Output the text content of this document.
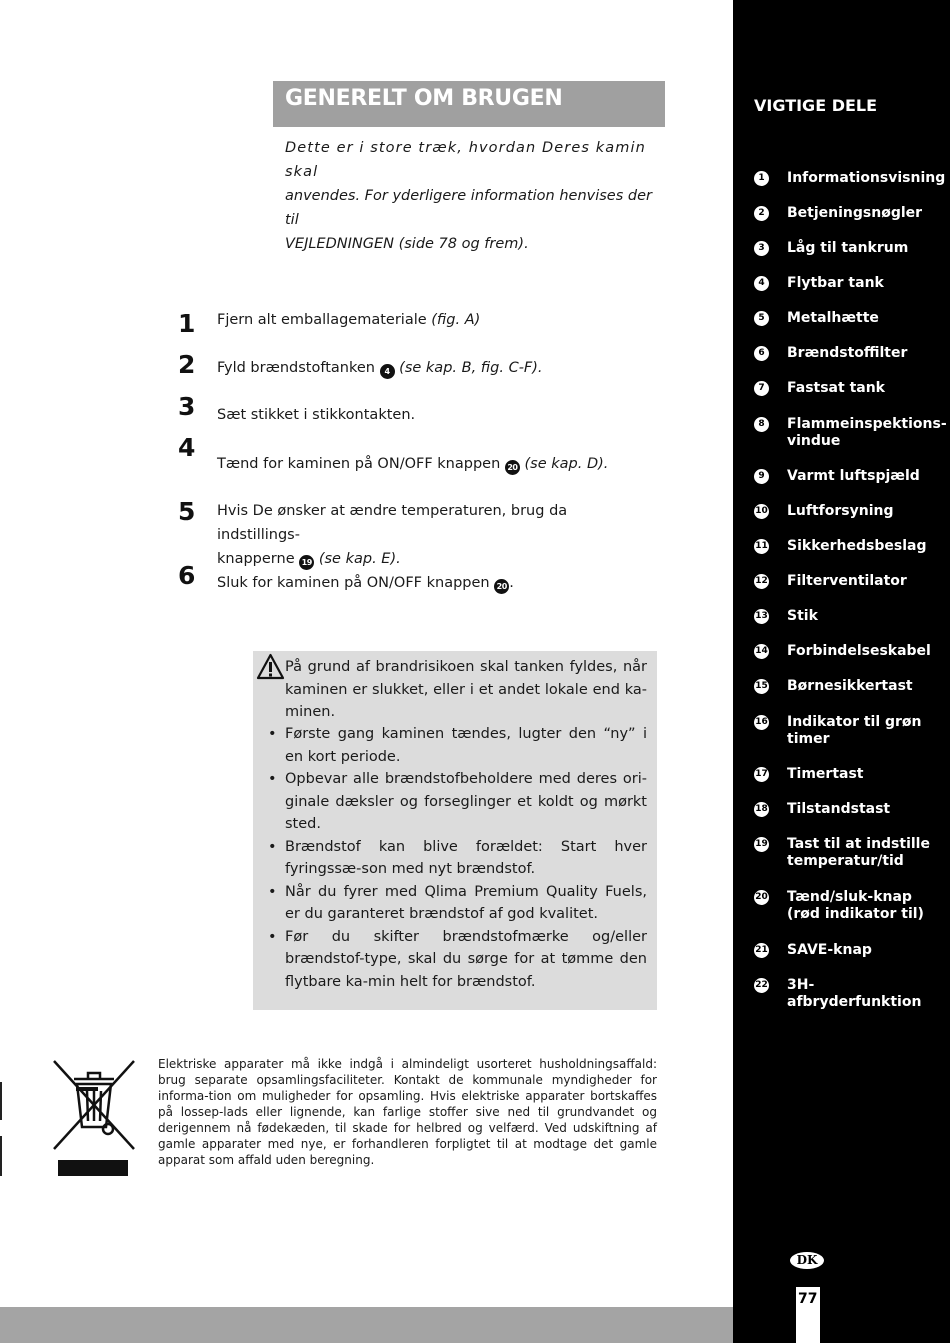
VIGTIGE DELE
1	Informationsvisning
2	Betjeningsnøgler
3	Låg til tankrum
4	Flytbar tank
5	Metalhætte
6	Brændstoffilter
7	Fastsat tank
8	Flammeinspektions-vindue
9	Varmt luftspjæld
10 Luftforsyning
11 Sikkerhedsbeslag
12 Filterventilator
13 Stik
14 Forbindelseskabel
15 Børnesikkertast
16 Indikator til grøn timer
17 Timertast
18 Tilstandstast
19 Tast til at indstille temperatur/tid
20 Tænd/sluk-knap (rød indikator til)
21 SAVE-knap
22 3H-afbryderfunktion
DK
77
GENERELT OM BRUGEN
Dette er i store træk, hvordan Deres kamin skal
anvendes. For yderligere information henvises der til
VEJLEDNINGEN (side 78 og frem).
1 Fjern alt emballagemateriale (fig. A)
2 Fyld brændstoftanken 4 (se kap. B, fig. C-F).
3 Sæt stikket i stikkontakten.
4
Tænd for kaminen på ON/OFF knappen 20 (se kap. D).
5 Hvis De ønsker at ændre temperaturen, brug da indstillings-
knapperne 19 (se kap. E).
6 Sluk for kaminen på ON/OFF knappen 20 .
På grund af brandrisikoen skal tanken fyldes, når kaminen er slukket, eller i et andet lokale end ka-minen.
• Første gang kaminen tændes, lugter den “ny” i en kort periode.
• Opbevar alle brændstofbeholdere med deres ori-ginale dæksler og forseglinger et koldt og mørkt sted.
• Brændstof kan blive forældet: Start hver fyringssæ-son med nyt brændstof.
• Når du fyrer med Qlima Premium Quality Fuels, er du garanteret brændstof af god kvalitet.
• Før du skifter brændstofmærke og/eller brændstof-type, skal du sørge for at tømme den flytbare ka-min helt for brændstof.
Elektriske apparater må ikke indgå i almindeligt usorteret husholdningsaffald: brug separate opsamlingsfaciliteter. Kontakt de kommunale myndigheder for informa-tion om muligheder for opsamling. Hvis elektriske apparater bortskaffes på lossep-lads eller lignende, kan farlige stoffer sive ned til grundvandet og derigennem nå fødekæden, til skade for helbred og velfærd. Ved udskiftning af gamle apparater med nye, er forhandleren forpligtet til at modtage det gamle apparat som affald uden beregning.
